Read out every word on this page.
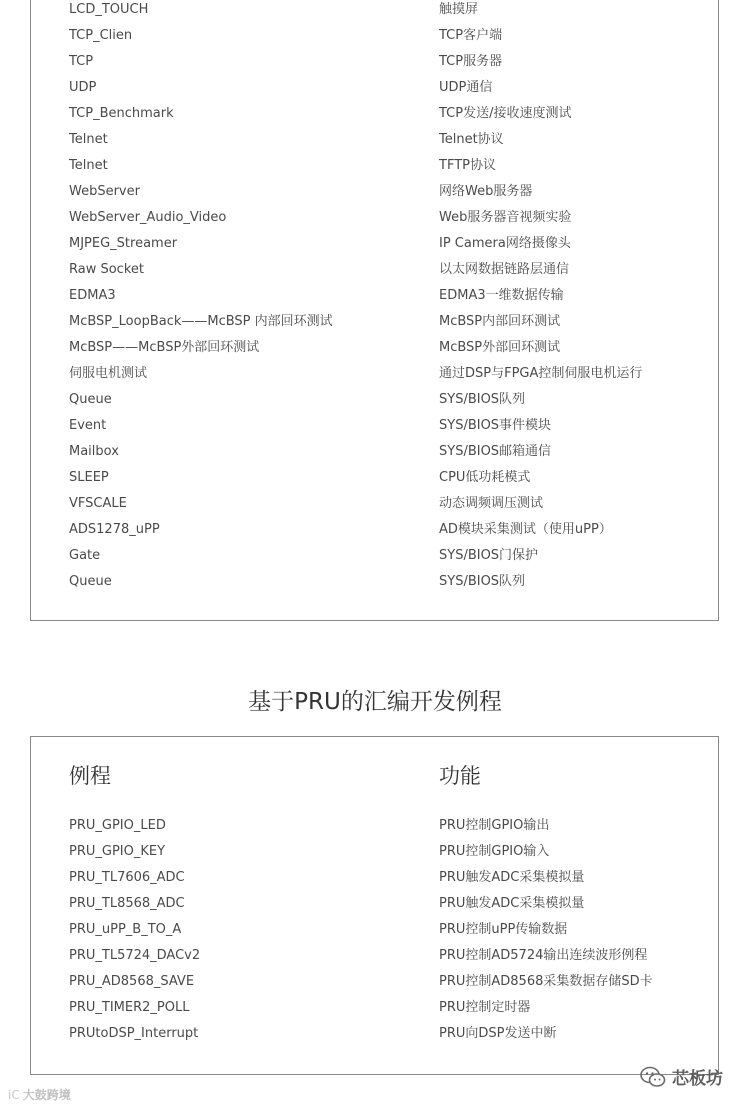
LCD_TOUCH	触摸屏
TCP_Clien	TCP客户端
TCP	TCP服务器
UDP	UDP通信
TCP_Benchmark	TCP发送/接收速度测试
Telnet	Telnet协议
Telnet	TFTP协议
WebServer	网络Web服务器
WebServer_Audio_Video	Web服务器音视频实验
MJPEG_Streamer	IP Camera网络摄像头
Raw Socket	以太网数据链路层通信
EDMA3	EDMA3一维数据传输
McBSP_LoopBack——McBSP 内部回环测试	McBSP内部回环测试
McBSP——McBSP外部回环测试	McBSP外部回环测试
伺服电机测试	通过DSP与FPGA控制伺服电机运行
Queue	SYS/BIOS队列
Event	SYS/BIOS事件模块
Mailbox	SYS/BIOS邮箱通信
SLEEP	CPU低功耗模式
VFSCALE	动态调频调压测试
ADS1278_uPP	AD模块采集测试（使用uPP）
Gate	SYS/BIOS门保护
Queue	SYS/BIOS队列
基于PRU的汇编开发例程
例程	功能
PRU_GPIO_LED	PRU控制GPIO输出
PRU_GPIO_KEY	PRU控制GPIO输入
PRU_TL7606_ADC	PRU触发ADC采集模拟量
PRU_TL8568_ADC	PRU触发ADC采集模拟量
PRU_uPP_B_TO_A	PRU控制uPP传输数据
PRU_TL5724_DACv2	PRU控制AD5724输出连续波形例程
PRU_AD8568_SAVE	PRU控制AD8568采集数据存储SD卡
PRU_TIMER2_POLL	PRU控制定时器
PRUtoDSP_Interrupt	PRU向DSP发送中断
iC 大鼓跨境
芯板坊
